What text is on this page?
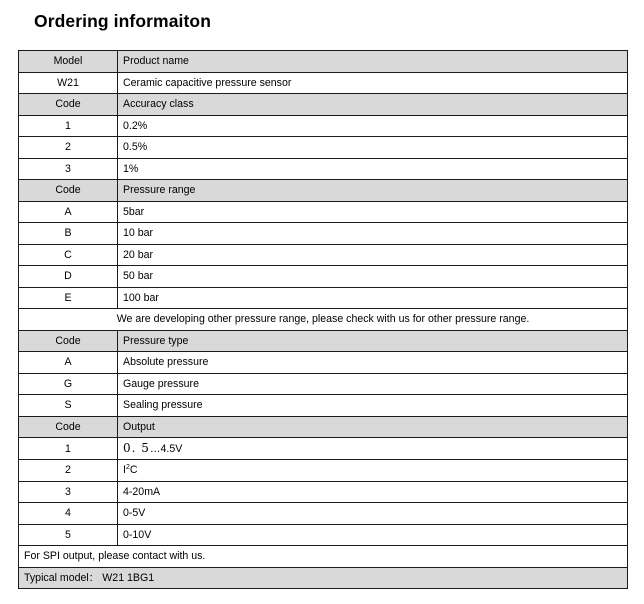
Ordering informaiton
Model	Product name
W21	Ceramic capacitive pressure sensor
Code	Accuracy class
1	0.2%
2	0.5%
3	1%
Code	Pressure range
A	5bar
B	10 bar
C	20 bar
D	50 bar
E	100 bar
We are developing other pressure range, please check with us for other pressure range.	
Code	Pressure type
A	Absolute pressure
G	Gauge pressure
S	Sealing pressure
Code	Output
1	0. 5…4.5V
2	$I^2C$
3	4-20mA
4	0-5V
5	0-10V
For SPI output, please contact with us.	
Typical model： W21 1BG1	
